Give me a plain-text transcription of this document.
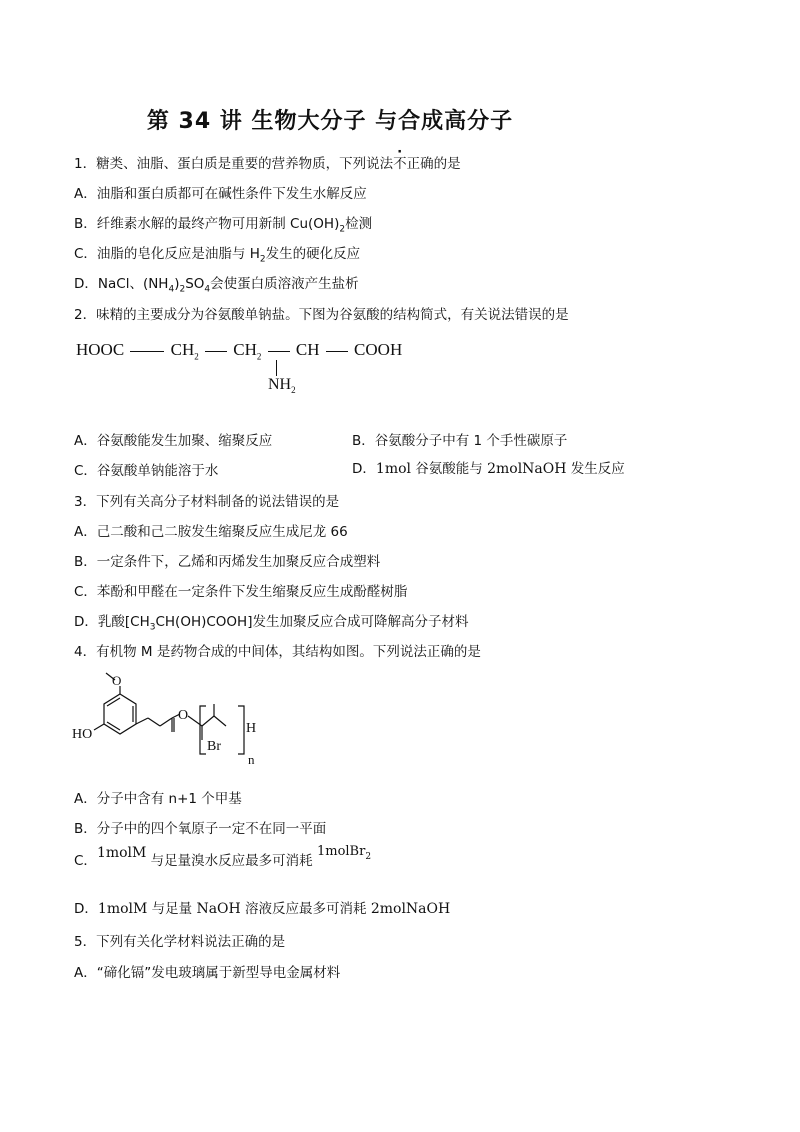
第 34 讲 生物大分子 与合成高分子
1．糖类、油脂、蛋白质是重要的营养物质，下列说法不正确的是
A．油脂和蛋白质都可在碱性条件下发生水解反应
B．纤维素水解的最终产物可用新制 $Cu(OH)_2$检测
C．油脂的皂化反应是油脂与 $H_2$发生的硬化反应
D．NaCl、$(NH_4)_2SO_4$会使蛋白质溶液产生盐析
2．味精的主要成分为谷氨酸单钠盐。下图为谷氨酸的结构简式，有关说法错误的是
HOOC	$CH_2$ $CH_2$ CH COOH
$NH_2$
A．谷氨酸能发生加聚、缩聚反应	B．谷氨酸分子中有 1 个手性碳原子
C．谷氨酸单钠能溶于水	D．1mol 谷氨酸能与 2molNaOH 发生反应
3．下列有关高分子材料制备的说法错误的是
A．己二酸和己二胺发生缩聚反应生成尼龙 66
B．一定条件下，乙烯和丙烯发生加聚反应合成塑料
C．苯酚和甲醛在一定条件下发生缩聚反应生成酚醛树脂
D．乳酸$[CH_3CH(OH)COOH]$发生加聚反应合成可降解高分子材料
4．有机物 M 是药物合成的中间体，其结构如图。下列说法正确的是
O
HO
O
Br
H
n
A．分子中含有 n+1 个甲基
B．分子中的四个氧原子一定不在同一平面
C．1molM 与足量溴水反应最多可消耗 1molBr$_2$
D．1molM 与足量 NaOH 溶液反应最多可消耗 2molNaOH
5．下列有关化学材料说法正确的是
A．“碲化镉”发电玻璃属于新型导电金属材料
